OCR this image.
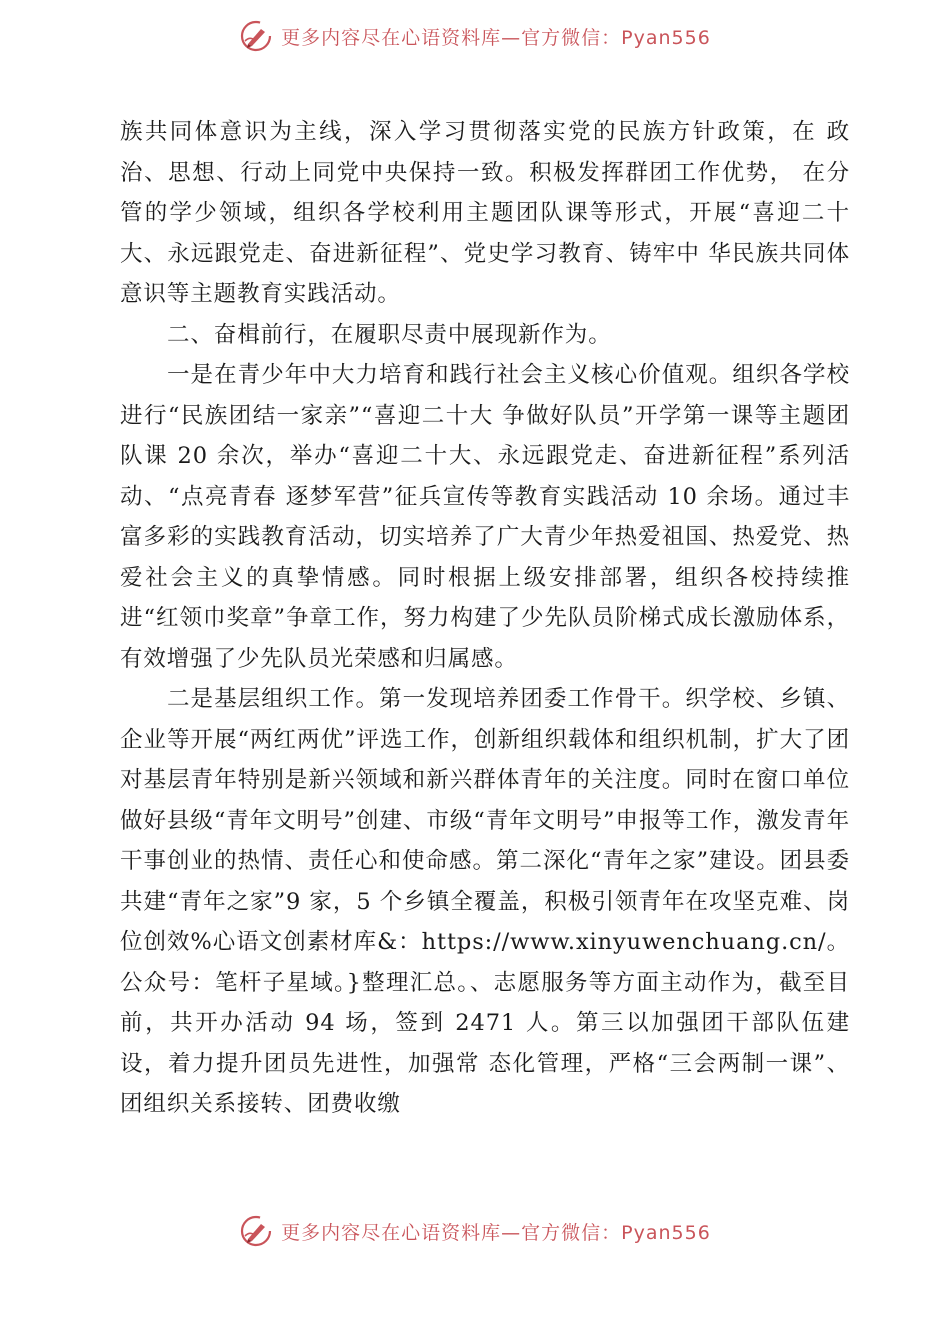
更多内容尽在心语资料库—官方微信：Pyan556

族共同体意识为主线，深入学习贯彻落实党的民族方针政策，在 政治、思想、行动上同党中央保持一致。积极发挥群团工作优势， 在分管的学少领域，组织各学校利用主题团队课等形式，开展“喜迎二十大、永远跟党走、奋进新征程”、党史学习教育、铸牢中 华民族共同体意识等主题教育实践活动。

二、奋楫前行，在履职尽责中展现新作为。

一是在青少年中大力培育和践行社会主义核心价值观。组织各学校进行“民族团结一家亲”“喜迎二十大 争做好队员”开学第一课等主题团队课 20 余次，举办“喜迎二十大、永远跟党走、奋进新征程”系列活动、“点亮青春 逐梦军营”征兵宣传等教育实践活动 10 余场。通过丰富多彩的实践教育活动，切实培养了广大青少年热爱祖国、热爱党、热爱社会主义的真挚情感。同时根据上级安排部署，组织各校持续推进“红领巾奖章”争章工作，努力构建了少先队员阶梯式成长激励体系，有效增强了少先队员光荣感和归属感。

二是基层组织工作。第一发现培养团委工作骨干。织学校、乡镇、企业等开展“两红两优”评选工作，创新组织载体和组织机制，扩大了团对基层青年特别是新兴领域和新兴群体青年的关注度。同时在窗口单位做好县级“青年文明号”创建、市级“青年文明号”申报等工作，激发青年干事创业的热情、责任心和使命感。第二深化“青年之家”建设。团县委共建“青年之家”9 家，5 个乡镇全覆盖，积极引领青年在攻坚克难、岗位创效%心语文创素材库&：https://www.xinyuwenchuang.cn/。公众号：笔杆子星域。}整理汇总。、志愿服务等方面主动作为，截至目前，共开办活动 94 场，签到 2471 人。第三以加强团干部队伍建设，着力提升团员先进性，加强常 态化管理，严格“三会两制一课”、团组织关系接转、团费收缴

更多内容尽在心语资料库—官方微信：Pyan556
